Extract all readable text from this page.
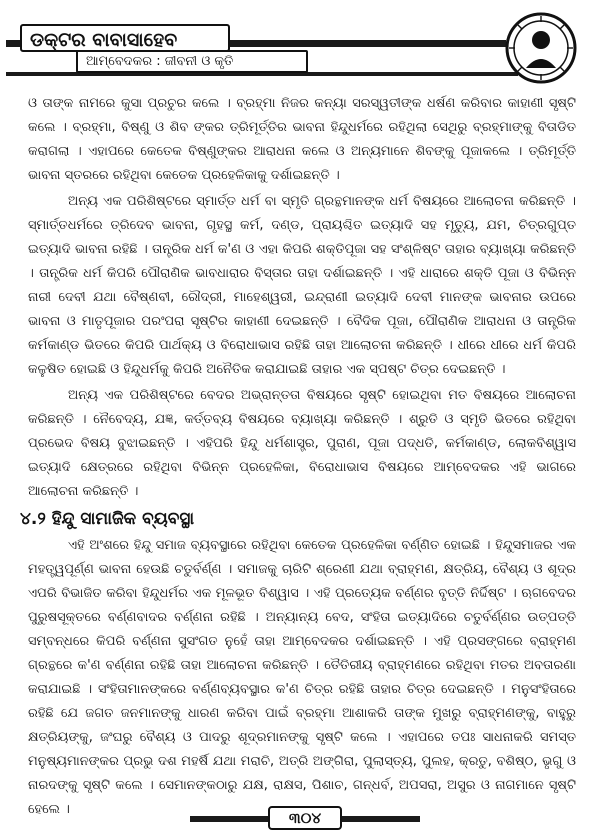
ଡକ୍ଟର ବାବାସାହେବ
ଆମ୍ବେଦକର : ଜୀବନୀ ଓ କୃତି

ଓ ତାଙ୍କ ନାମରେ କୁସା ପ୍ରଚୁର କଲେ । ବ୍ରହ୍ମା ନିଜର କନ୍ୟା ସରସ୍ୱତୀଙ୍କ ଧର୍ଷଣ କରିବାର କାହାଣୀ ସୃଷ୍ଟି କଲେ । ବ୍ରହ୍ମା, ବିଷ୍ଣୁ ଓ ଶିବ ଙ୍କର ତ୍ରିମୂର୍ତ୍ତିର ଭାବନା ହିନ୍ଦୁଧର୍ମରେ ରହିଥିଲା ସେଥିରୁ ବ୍ରହ୍ମାଙ୍କୁ ବିତାଡିତ କରାଗଲା । ଏହାପରେ କେତେକ ବିଷ୍ଣୁଙ୍କର ଆରାଧନା କଲେ ଓ ଅନ୍ୟମାନେ ଶିବଙ୍କୁ ପୂଜାକଲେ । ତ୍ରିମୂର୍ତ୍ତି ଭାବନା ସ୍ତରରେ ରହିଥିବା କେତେକ ପ୍ରହେଳିକାକୁ ଦର୍ଶାଇଛନ୍ତି ।

ଅନ୍ୟ ଏକ ପରିଶିଷ୍ଟରେ ସ୍ମାର୍ତ୍ତ ଧର୍ମ ବା ସ୍ମୃତି ଗ୍ରନ୍ଥମାନଙ୍କ ଧର୍ମ ବିଷୟରେ ଆଲୋଚନା କରିଛନ୍ତି । ସ୍ମାର୍ତ୍ତଧର୍ମରେ ତ୍ରିଦେବ ଭାବନା, ଗୃହସ୍ଥ କର୍ମ, ଦଣ୍ଡ, ପ୍ରାୟଶ୍ଚିତ ଇତ୍ୟାଦି ସହ ମୃତ୍ୟୁ, ଯମ, ଚିତ୍ରଗୁପ୍ତ ଇତ୍ୟାଦି ଭାବନା ରହିଛି । ତାନ୍ତ୍ରିକ ଧର୍ମ କ'ଣ ଓ ଏହା କିପରି ଶକ୍ତିପୂଜା ସହ ସଂଶ୍ଳିଷ୍ଟ ତାହାର ବ୍ୟାଖ୍ୟା କରିଛନ୍ତି । ତାନ୍ତ୍ରିକ ଧର୍ମ କିପରି ପୌରାଣିକ ଭାବଧାରାର ବିସ୍ତାର ତାହା ଦର୍ଶାଇଛନ୍ତି । ଏହି ଧାରାରେ ଶକ୍ତି ପୂଜା ଓ ବିଭିନ୍ନ ନାରୀ ଦେବୀ ଯଥା ବୈଷ୍ଣବୀ, ରୌଦ୍ରୀ, ମାହେଶ୍ୱରୀ, ଇନ୍ଦ୍ରାଣୀ ଇତ୍ୟାଦି ଦେବୀ ମାନଙ୍କ ଭାବନାର ଉପରେ ଭାବନା ଓ ମାତୃପୂଜାର ପରଂପରା ସୃଷ୍ଟିର କାହାଣୀ ଦେଇଛନ୍ତି । ବୈଦିକ ପୂଜା, ପୌରାଣିକ ଆରାଧନା ଓ ତାନ୍ତ୍ରିକ କର୍ମକାଣ୍ଡ ଭିତରେ କିପରି ପାର୍ଥକ୍ୟ ଓ ବିରୋଧାଭାସ ରହିଛି ତାହା ଆଲୋଚନା କରିଛନ୍ତି । ଧୀରେ ଧୀରେ ଧର୍ମ କିପରି କଳୁଷିତ ହୋଇଛି ଓ ହିନ୍ଦୁଧର୍ମକୁ କିପରି ଅନୈତିକ କରାଯାଇଛି ତାହାର ଏକ ସ୍ପଷ୍ଟ ଚିତ୍ର ଦେଇଛନ୍ତି ।

ଅନ୍ୟ ଏକ ପରିଶିଷ୍ଟରେ ବେଦର ଅଭ୍ରାନ୍ତତା ବିଷୟରେ ସୃଷ୍ଟି ହୋଇଥିବା ମତ ବିଷୟରେ ଆଲୋଚନା କରିଛନ୍ତି । ନୈବେଦ୍ୟ, ଯଜ୍ଞ, କର୍ତ୍ତବ୍ୟ ବିଷୟରେ ବ୍ୟାଖ୍ୟା କରିଛନ୍ତି । ଶ୍ରୁତି ଓ ସ୍ମୃତି ଭିତରେ ରହିଥିବା ପ୍ରଭେଦ ବିଷୟ ବୁଝାଇଛନ୍ତି । ଏହିପରି ହିନ୍ଦୁ ଧର୍ମଶାସ୍ତ୍ର, ପୁରାଣ, ପୂଜା ପଦ୍ଧତି, କର୍ମକାଣ୍ଡ, ଲୋକବିଶ୍ୱାସ ଇତ୍ୟାଦି କ୍ଷେତ୍ରରେ ରହିଥିବା ବିଭିନ୍ନ ପ୍ରହେଳିକା, ବିରୋଧାଭାସ ବିଷୟରେ ଆମ୍ବେଦକର ଏହି ଭାଗରେ ଆଲୋଚନା କରିଛନ୍ତି ।

୪.୨ ହିନ୍ଦୁ ସାମାଜିକ ବ୍ୟବସ୍ଥା

ଏହି ଅଂଶରେ ହିନ୍ଦୁ ସମାଜ ବ୍ୟବସ୍ଥାରେ ରହିଥିବା କେତେକ ପ୍ରହେଳିକା ବର୍ଣ୍ଣିତ ହୋଇଛି । ହିନ୍ଦୁସମାଜର ଏକ ମହତ୍ତ୍ୱପୂର୍ଣ୍ଣ ଭାବନା ହେଉଛି ଚତୁର୍ବର୍ଣ୍ଣ । ସମାଜକୁ ଚାରିଟି ଶ୍ରେଣୀ ଯଥା ବ୍ରାହ୍ମଣ, କ୍ଷତ୍ରିୟ, ବୈଶ୍ୟ ଓ ଶୂଦ୍ର ଏପରି ବିଭାଜିତ କରିବା ହିନ୍ଦୁଧର୍ମର ଏକ ମୂଳଭୂତ ବିଶ୍ୱାସ । ଏହି ପ୍ରତ୍ୟେକ ବର୍ଣ୍ଣର ବୃତ୍ତି ନିର୍ଦ୍ଦିଷ୍ଟ । ଋଗବେଦର ପୁରୁଷସୂକ୍ତରେ ବର୍ଣ୍ଣବାଦର ବର୍ଣ୍ଣନା ରହିଛି । ଅନ୍ୟାନ୍ୟ ବେଦ, ସଂହିତା ଇତ୍ୟାଦିରେ ଚତୁର୍ବର୍ଣ୍ଣର ଉତ୍ପତ୍ତି ସମ୍ବନ୍ଧରେ କିପରି ବର୍ଣ୍ଣନା ସୁସଂଗତ ନୁହେଁ ତାହା ଆମ୍ବେଦକର ଦର୍ଶାଇଛନ୍ତି । ଏହି ପ୍ରସଙ୍ଗରେ ବ୍ରାହ୍ମଣ ଗ୍ରନ୍ଥରେ କ'ଣ ବର୍ଣ୍ଣନା ରହିଛି ତାହା ଆଲୋଚନା କରିଛନ୍ତି । ତୈତିରୀୟ ବ୍ରାହ୍ମଣରେ ରହିଥିବା ମତର ଅବତାରଣା କରାଯାଇଛି । ସଂହିତାମାନଙ୍କରେ ବର୍ଣ୍ଣବ୍ୟବସ୍ଥାର କ'ଣ ଚିତ୍ର ରହିଛି ତାହାର ଚିତ୍ର ଦେଇଛନ୍ତି । ମନୁସଂହିତାରେ ରହିଛି ଯେ ଜଗତ ଜନମାନଙ୍କୁ ଧାରଣ କରିବା ପାଇଁ ବ୍ରହ୍ମା ଆଶାକରି ତାଙ୍କ ମୁଖରୁ ବ୍ରାହ୍ମଣଙ୍କୁ, ବାହୁରୁ କ୍ଷତ୍ରିୟଙ୍କୁ, ଜଂଘରୁ ବୈଶ୍ୟ ଓ ପାଦରୁ ଶୂଦ୍ରମାନଙ୍କୁ ସୃଷ୍ଟି କଲେ । ଏହାପରେ ତପଃ ସାଧନାକରି ସମସ୍ତ ମନୁଷ୍ୟମାନଙ୍କର ପ୍ରଭୁ ଦଶ ମହର୍ଷି ଯଥା ମରାଚି, ଅତ୍ରି ଅଙ୍ଗିରା, ପୁଲାସ୍ତ୍ୟ, ପୁଲହ, କ୍ରତୁ, ବଶିଷ୍ଠ, ଭୃଗୁ ଓ ନାରଦଙ୍କୁ ସୃଷ୍ଟି କଲେ । ସେମାନଙ୍କଠାରୁ ଯକ୍ଷ, ରାକ୍ଷସ, ପିଶାଚ, ଗନ୍ଧର୍ବ, ଅପସରା, ଅସୁର ଓ ନାଗମାନେ ସୃଷ୍ଟି ହେଲେ ।	୩୦୪
